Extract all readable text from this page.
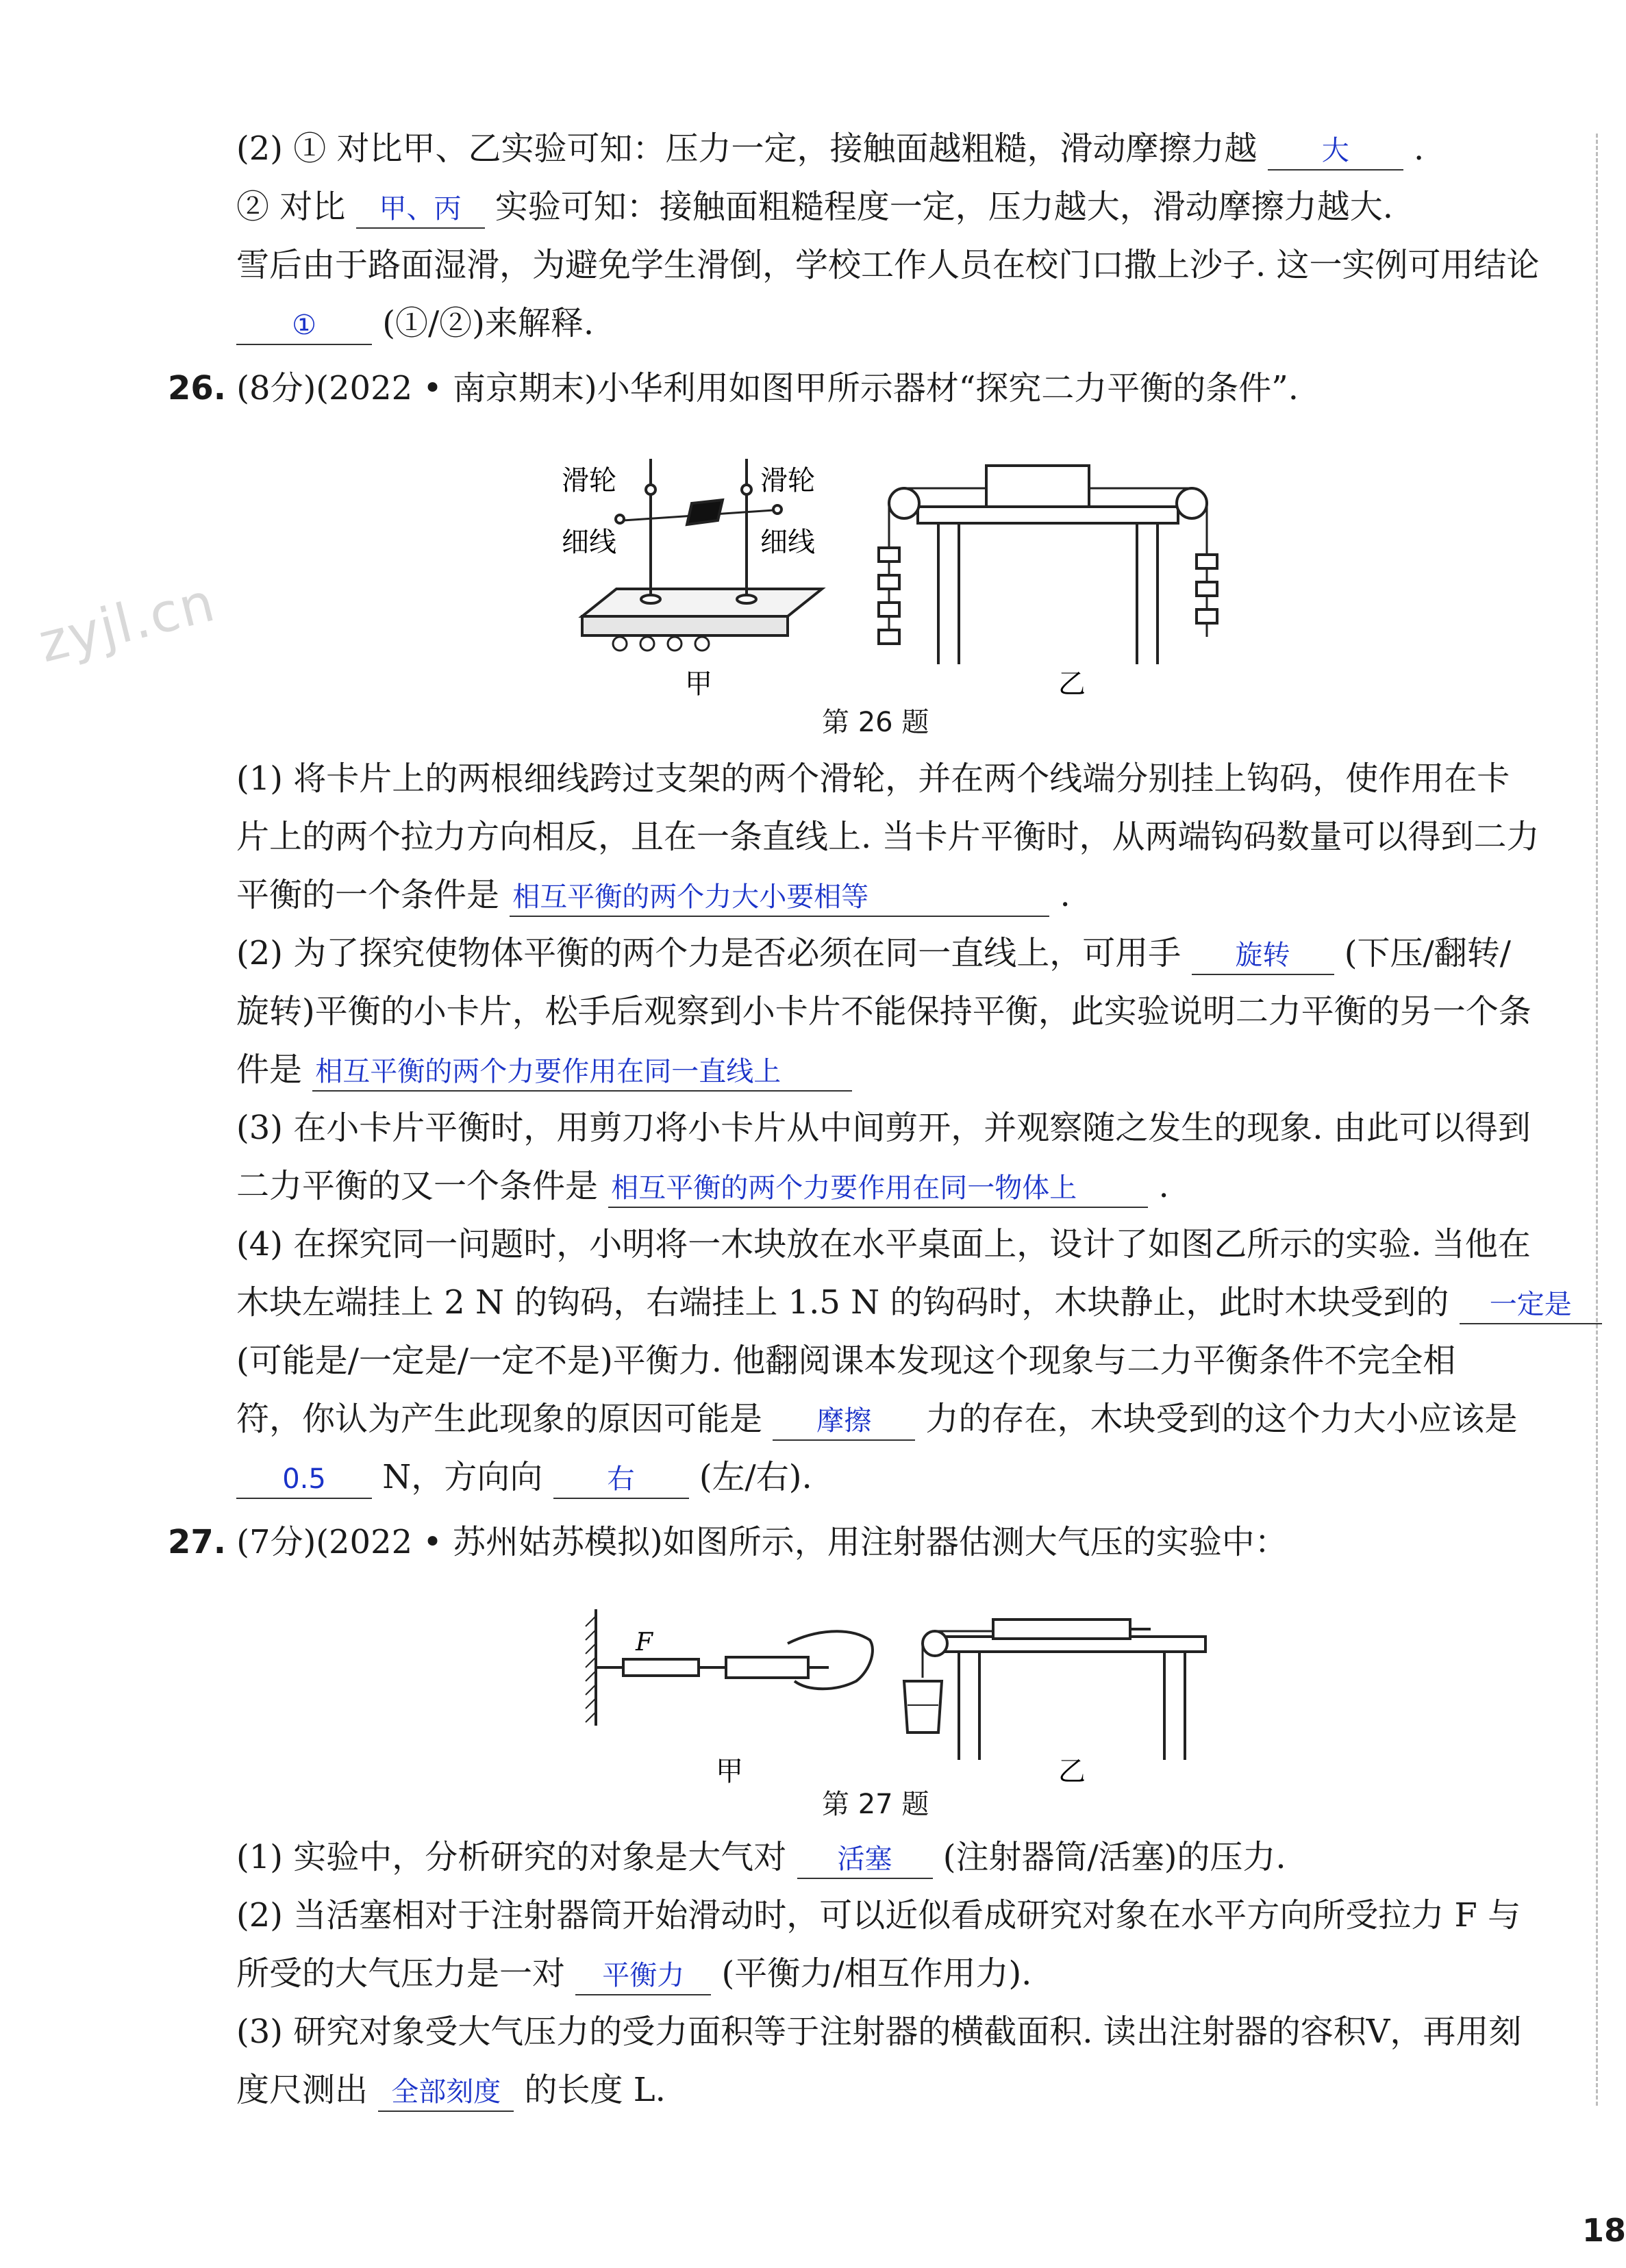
zyjl.cn
(2) ① 对比甲、乙实验可知：压力一定，接触面越粗糙，滑动摩擦力越 大 .
② 对比 甲、丙 实验可知：接触面粗糙程度一定，压力越大，滑动摩擦力越大.
雪后由于路面湿滑，为避免学生滑倒，学校工作人员在校门口撒上沙子. 这一实例可用结论
① (①/②)来解释.
26. (8分)(2022 • 南京期末)小华利用如图甲所示器材“探究二力平衡的条件”.
滑轮	滑轮
细线	细线
甲	乙
第 26 题
(1) 将卡片上的两根细线跨过支架的两个滑轮，并在两个线端分别挂上钩码，使作用在卡
片上的两个拉力方向相反，且在一条直线上. 当卡片平衡时，从两端钩码数量可以得到二力
平衡的一个条件是 相互平衡的两个力大小要相等	.
(2) 为了探究使物体平衡的两个力是否必须在同一直线上，可用手 旋转 (下压/翻转/
旋转)平衡的小卡片，松手后观察到小卡片不能保持平衡，此实验说明二力平衡的另一个条
件是 相互平衡的两个力要作用在同一直线上
(3) 在小卡片平衡时，用剪刀将小卡片从中间剪开，并观察随之发生的现象. 由此可以得到
二力平衡的又一个条件是 相互平衡的两个力要作用在同一物体上 .
(4) 在探究同一问题时，小明将一木块放在水平桌面上，设计了如图乙所示的实验. 当他在
木块左端挂上 2 N 的钩码，右端挂上 1.5 N 的钩码时，木块静止，此时木块受到的 一定是
(可能是/一定是/一定不是)平衡力. 他翻阅课本发现这个现象与二力平衡条件不完全相
符，你认为产生此现象的原因可能是 摩擦 力的存在，木块受到的这个力大小应该是
0.5 N，方向向 右 (左/右).
27. (7分)(2022 • 苏州姑苏模拟)如图所示，用注射器估测大气压的实验中：
F
甲	乙
第 27 题
(1) 实验中，分析研究的对象是大气对 活塞 (注射器筒/活塞)的压力.
(2) 当活塞相对于注射器筒开始滑动时，可以近似看成研究对象在水平方向所受拉力 F 与
所受的大气压力是一对 平衡力 (平衡力/相互作用力).
(3) 研究对象受大气压力的受力面积等于注射器的横截面积. 读出注射器的容积V，再用刻
度尺测出 全部刻度 的长度 L.
18
